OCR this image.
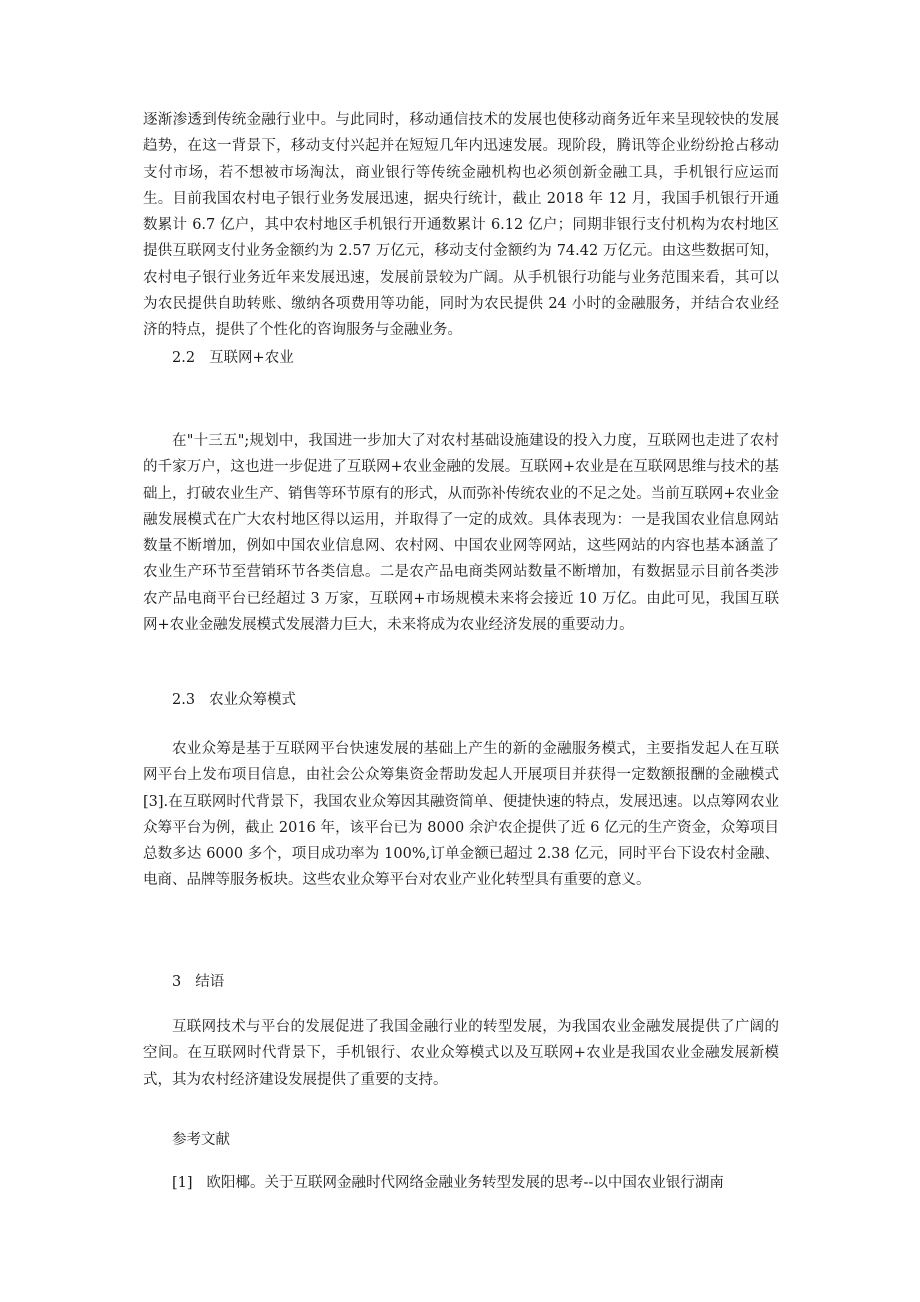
逐渐渗透到传统金融行业中。与此同时，移动通信技术的发展也使移动商务近年来呈现较快的发展趋势，在这一背景下，移动支付兴起并在短短几年内迅速发展。现阶段，腾讯等企业纷纷抢占移动支付市场，若不想被市场淘汰，商业银行等传统金融机构也必须创新金融工具，手机银行应运而生。目前我国农村电子银行业务发展迅速，据央行统计，截止 2018 年 12 月，我国手机银行开通数累计 6.7 亿户，其中农村地区手机银行开通数累计 6.12 亿户；同期非银行支付机构为农村地区提供互联网支付业务金额约为 2.57 万亿元，移动支付金额约为 74.42 万亿元。由这些数据可知，农村电子银行业务近年来发展迅速，发展前景较为广阔。从手机银行功能与业务范围来看，其可以为农民提供自助转账、缴纳各项费用等功能，同时为农民提供 24 小时的金融服务，并结合农业经济的特点，提供了个性化的咨询服务与金融业务。

2.2 互联网+农业

在"十三五";规划中，我国进一步加大了对农村基础设施建设的投入力度，互联网也走进了农村的千家万户，这也进一步促进了互联网+农业金融的发展。互联网+农业是在互联网思维与技术的基础上，打破农业生产、销售等环节原有的形式，从而弥补传统农业的不足之处。当前互联网+农业金融发展模式在广大农村地区得以运用，并取得了一定的成效。具体表现为：一是我国农业信息网站数量不断增加，例如中国农业信息网、农村网、中国农业网等网站，这些网站的内容也基本涵盖了农业生产环节至营销环节各类信息。二是农产品电商类网站数量不断增加，有数据显示目前各类涉农产品电商平台已经超过 3 万家，互联网+市场规模未来将会接近 10 万亿。由此可见，我国互联网+农业金融发展模式发展潜力巨大，未来将成为农业经济发展的重要动力。

2.3 农业众筹模式

农业众筹是基于互联网平台快速发展的基础上产生的新的金融服务模式，主要指发起人在互联网平台上发布项目信息，由社会公众筹集资金帮助发起人开展项目并获得一定数额报酬的金融模式[3].在互联网时代背景下，我国农业众筹因其融资简单、便捷快速的特点，发展迅速。以点筹网农业众筹平台为例，截止 2016 年，该平台已为 8000 余沪农企提供了近 6 亿元的生产资金，众筹项目总数多达 6000 多个，项目成功率为 100%,订单金额已超过 2.38 亿元，同时平台下设农村金融、电商、品牌等服务板块。这些农业众筹平台对农业产业化转型具有重要的意义。

3 结语

互联网技术与平台的发展促进了我国金融行业的转型发展，为我国农业金融发展提供了广阔的空间。在互联网时代背景下，手机银行、农业众筹模式以及互联网+农业是我国农业金融发展新模式，其为农村经济建设发展提供了重要的支持。

参考文献

[1] 欧阳椰。关于互联网金融时代网络金融业务转型发展的思考--以中国农业银行湖南
